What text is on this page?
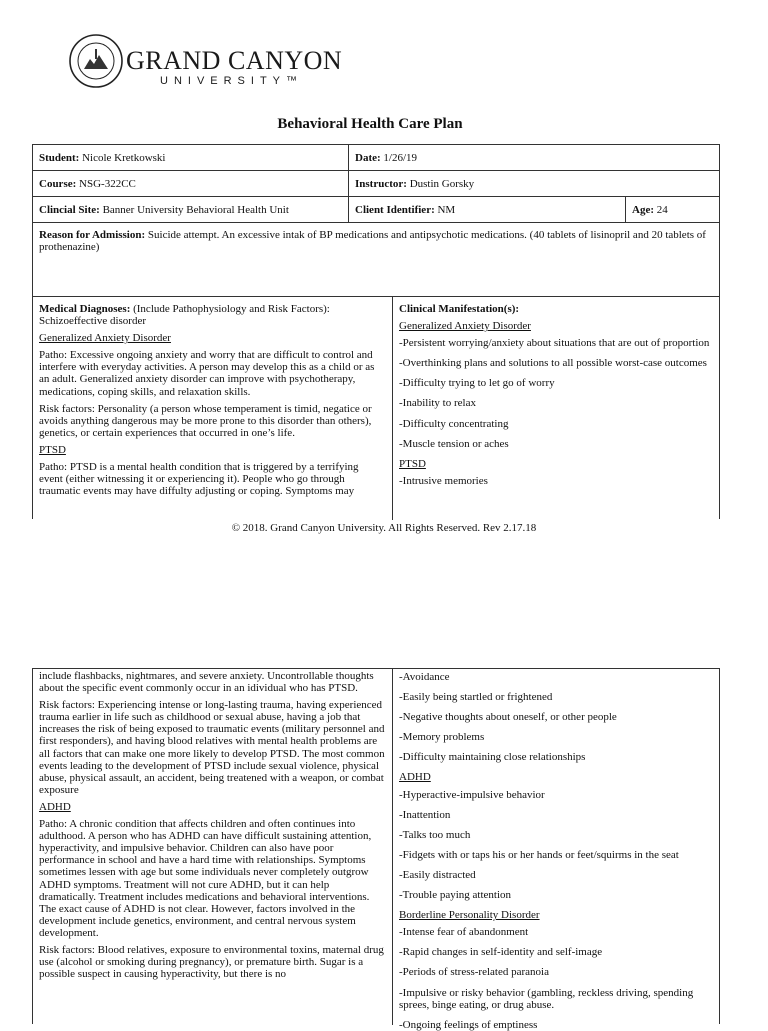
GRAND CANYON
UNIVERSITY™
Behavioral Health Care Plan
Student: Nicole Kretkowski	Date: 1/26/19
Course: NSG-322CC	Instructor: Dustin Gorsky
Clincial Site: Banner University Behavioral Health Unit	Client Identifier: NM	Age: 24
Reason for Admission: Suicide attempt. An excessive intak of BP medications and antipsychotic medications. (40 tablets of lisinopril and 20 tablets of prothenazine)

Medical Diagnoses: (Include Pathophysiology and Risk Factors):
Schizoeffective disorder

Generalized Anxiety Disorder

Patho: Excessive ongoing anxiety and worry that are difficult to control and interfere with everyday activities. A person may develop this as a child or as an adult. Generalized anxiety disorder can improve with psychotherapy, medications, coping skills, and relaxation skills.

Risk factors: Personality (a person whose temperament is timid, negatice or avoids anything dangerous may be more prone to this disorder than others), genetics, or certain experiences that occurred in one’s life.

PTSD

Patho: PTSD is a mental health condition that is triggered by a terrifying event (either witnessing it or experiencing it). People who go through traumatic events may have diffulty adjusting or coping. Symptoms may

Clinical Manifestation(s):

Generalized Anxiety Disorder

-Persistent worrying/anxiety about situations that are out of proportion
-Overthinking plans and solutions to all possible worst-case outcomes
-Difficulty trying to let go of worry
-Inability to relax
-Difficulty concentrating
-Muscle tension or aches

PTSD

-Intrusive memories
© 2018. Grand Canyon University. All Rights Reserved. Rev 2.17.18

include flashbacks, nightmares, and severe anxiety. Uncontrollable thoughts about the specific event commonly occur in an idividual who has PTSD.

Risk factors: Experiencing intense or long-lasting trauma, having experienced trauma earlier in life such as childhood or sexual abuse, having a job that increases the risk of being exposed to traumatic events (military personnel and first responders), and having blood relatives with mental health problems are all factors that can make one more likely to develop PTSD. The most common events leading to the development of PTSD include sexual violence, physical abuse, physical assault, an accident, being treatened with a weapon, or combat exposure

ADHD

Patho: A chronic condition that affects children and often continues into adulthood. A person who has ADHD can have difficult sustaining attention, hyperactivity, and impulsive behavior. Children can also have poor performance in school and have a hard time with relationships. Symptoms sometimes lessen with age but some individuals never completely outgrow ADHD symptoms. Treatment will not cure ADHD, but it can help dramatically. Treatment includes medications and behavioral interventions. The exact cause of ADHD is not clear. However, factors involved in the development include genetics, environment, and central nervous system development.

Risk factors: Blood relatives, exposure to environmental toxins, maternal drug use (alcohol or smoking during pregnancy), or premature birth. Sugar is a possible suspect in causing hyperactivity, but there is no

-Avoidance
-Easily being startled or frightened
-Negative thoughts about oneself, or other people
-Memory problems
-Difficulty maintaining close relationships

ADHD

-Hyperactive-impulsive behavior
-Inattention
-Talks too much
-Fidgets with or taps his or her hands or feet/squirms in the seat
-Easily distracted
-Trouble paying attention

Borderline Personality Disorder

-Intense fear of abandonment
-Rapid changes in self-identity and self-image
-Periods of stress-related paranoia
-Impulsive or risky behavior (gambling, reckless driving, spending sprees, binge eating, or drug abuse.
-Ongoing feelings of emptiness
